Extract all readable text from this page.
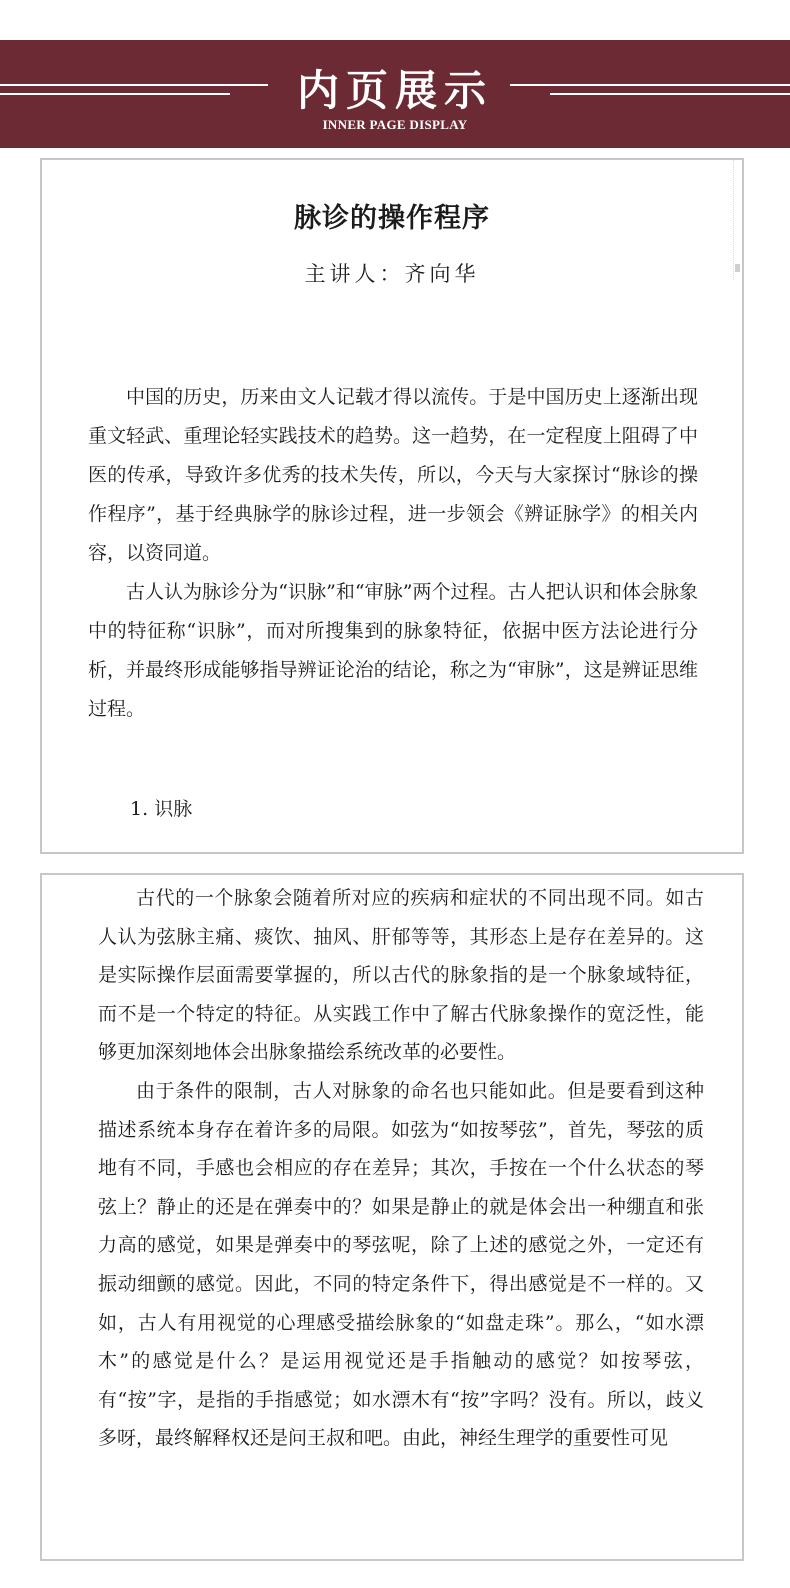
内页展示
INNER PAGE DISPLAY
脉诊的操作程序
主讲人：齐向华

中国的历史，历来由文人记载才得以流传。于是中国历史上逐渐出现重文轻武、重理论轻实践技术的趋势。这一趋势，在一定程度上阻碍了中医的传承，导致许多优秀的技术失传，所以，今天与大家探讨“脉诊的操作程序”，基于经典脉学的脉诊过程，进一步领会《辨证脉学》的相关内容，以资同道。

古人认为脉诊分为“识脉”和“审脉”两个过程。古人把认识和体会脉象中的特征称“识脉”，而对所搜集到的脉象特征，依据中医方法论进行分析，并最终形成能够指导辨证论治的结论，称之为“审脉”，这是辨证思维过程。

1. 识脉

古代的一个脉象会随着所对应的疾病和症状的不同出现不同。如古人认为弦脉主痛、痰饮、抽风、肝郁等等，其形态上是存在差异的。这是实际操作层面需要掌握的，所以古代的脉象指的是一个脉象域特征，而不是一个特定的特征。从实践工作中了解古代脉象操作的宽泛性，能够更加深刻地体会出脉象描绘系统改革的必要性。

由于条件的限制，古人对脉象的命名也只能如此。但是要看到这种描述系统本身存在着许多的局限。如弦为“如按琴弦”，首先，琴弦的质地有不同，手感也会相应的存在差异；其次，手按在一个什么状态的琴弦上？静止的还是在弹奏中的？如果是静止的就是体会出一种绷直和张力高的感觉，如果是弹奏中的琴弦呢，除了上述的感觉之外，一定还有振动细颤的感觉。因此，不同的特定条件下，得出感觉是不一样的。又如，古人有用视觉的心理感受描绘脉象的“如盘走珠”。那么，“如水漂木”的感觉是什么？是运用视觉还是手指触动的感觉？如按琴弦，有“按”字，是指的手指感觉；如水漂木有“按”字吗？没有。所以，歧义多呀，最终解释权还是问王叔和吧。由此，神经生理学的重要性可见
